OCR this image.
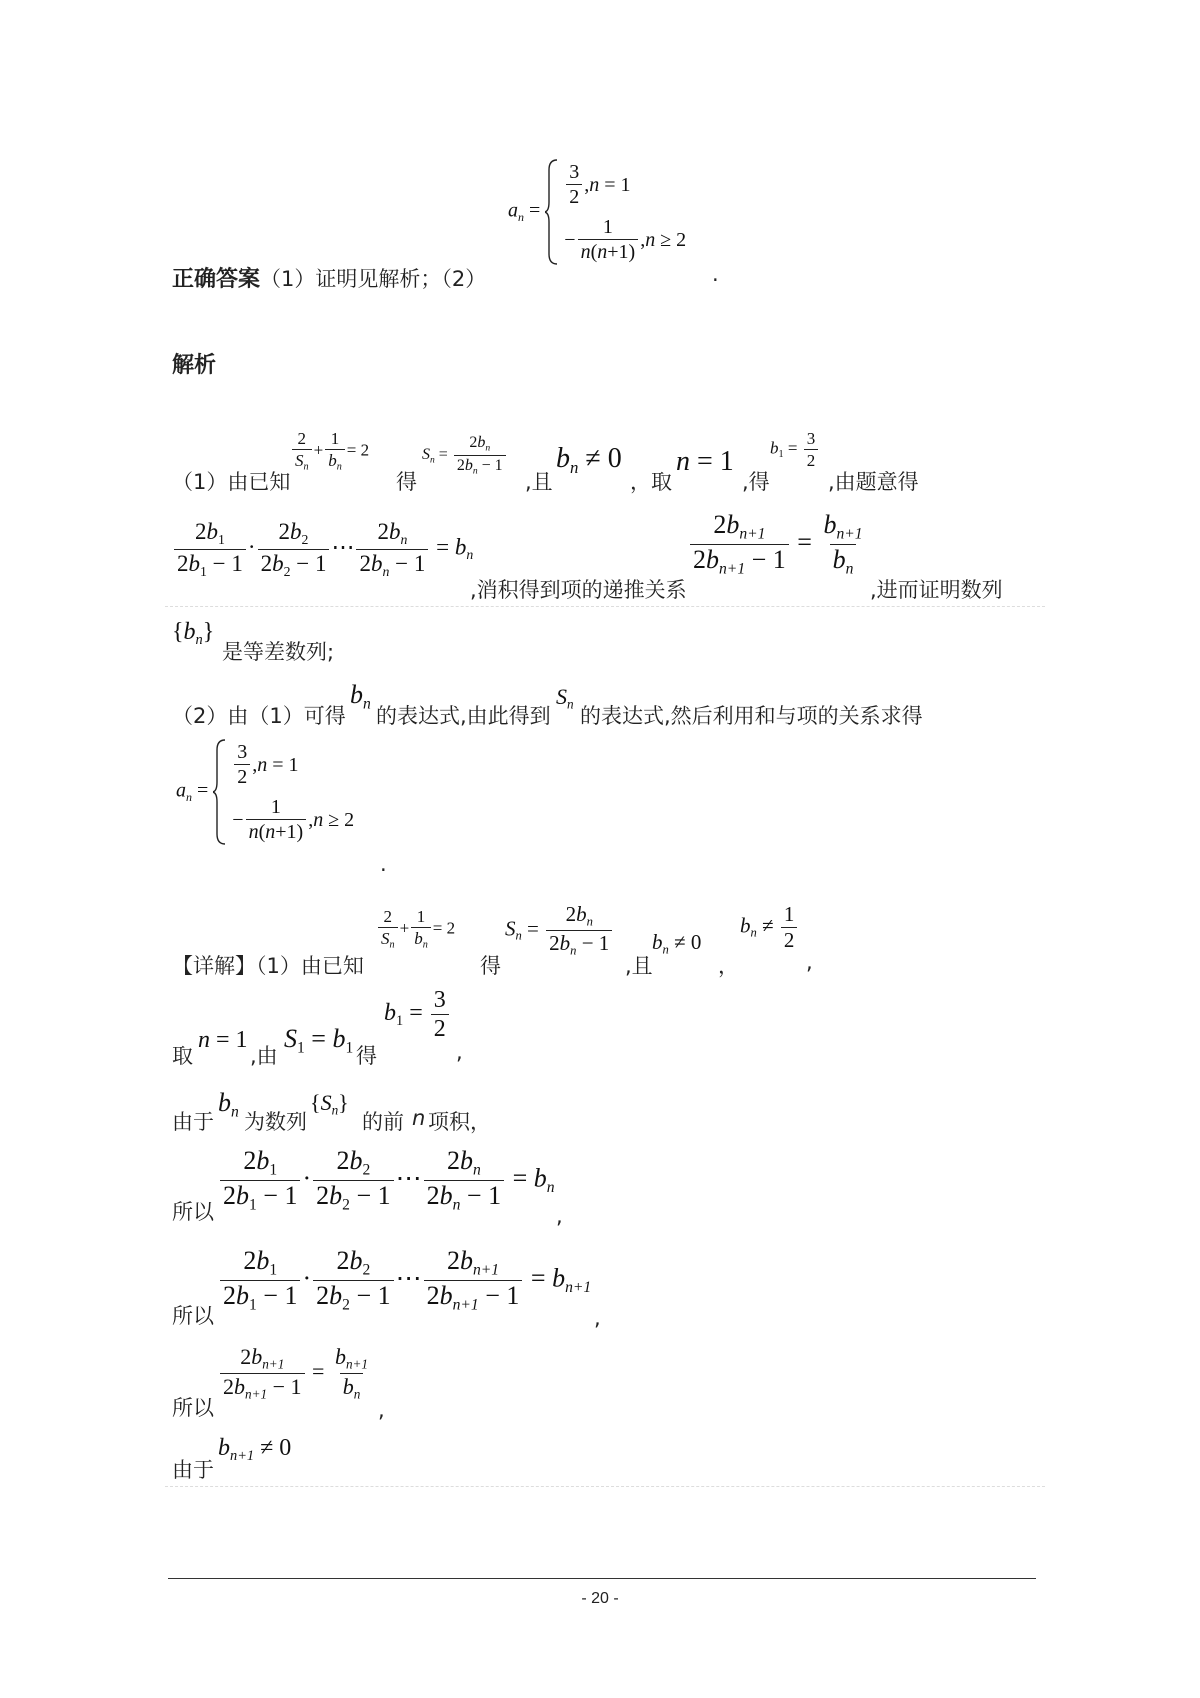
正确答案（1）证明见解析；（2）
$a_n$ =
$\frac{3}{2}$ , n = 1
− $\frac{1}{n(n+1)}$ , n ≥ 2
.
解析
（1）由已知
$\frac{2}{S_n} + \frac{1}{b_n} = 2$
得
$S_n = \frac{2b_n}{2b_n - 1}$
,且
$b_n \ne 0$
，取
n = 1
,得
$b_1 = \frac{3}{2}$
,由题意得
$\frac{2b_1}{2b_1 - 1} \cdot \frac{2b_2}{2b_2 - 1}$ ⋯ $\frac{2b_n}{2b_n - 1} = b_n$
,消积得到项的递推关系
$\frac{2b_{n+1}}{2b_{n+1} - 1} = \frac{b_{n+1}}{b_n}$
,进而证明数列
$\{b_n\}$
是等差数列;
（2）由（1）可得
$b_n$
的表达式,由此得到
$S_n$ 的表达式,然后利用和与项的关系求得
$a_n$ =
$\frac{3}{2}$ , n = 1
− $\frac{1}{n(n+1)}$ , n ≥ 2
.
【详解】（1）由已知
$\frac{2}{S_n} + \frac{1}{b_n} = 2$
得
$S_n = \frac{2b_n}{2b_n - 1}$
,且
$b_n \ne 0$
，
$b_n \ne \frac{1}{2}$
,
取
n = 1
,由
$S_1 = b_1$ 得
$b_1 = \frac{3}{2}$
,
由于
$b_n$ 为数列
$\{S_n\}$
的前 n 项积，
所以 $\frac{2b_1}{2b_1 - 1} \cdot \frac{2b_2}{2b_2 - 1}$ ⋯ $\frac{2b_n}{2b_n - 1} = b_n$
,
所以
$\frac{2b_1}{2b_1 - 1} \cdot \frac{2b_2}{2b_2 - 1}$ ⋯ $\frac{2b_{n+1}}{2b_{n+1} - 1} = b_{n+1}$
,
所以
$\frac{2b_{n+1}}{2b_{n+1} - 1} = \frac{b_{n+1}}{b_n}$
,
由于
$b_{n+1} \ne 0$
- 20 -
